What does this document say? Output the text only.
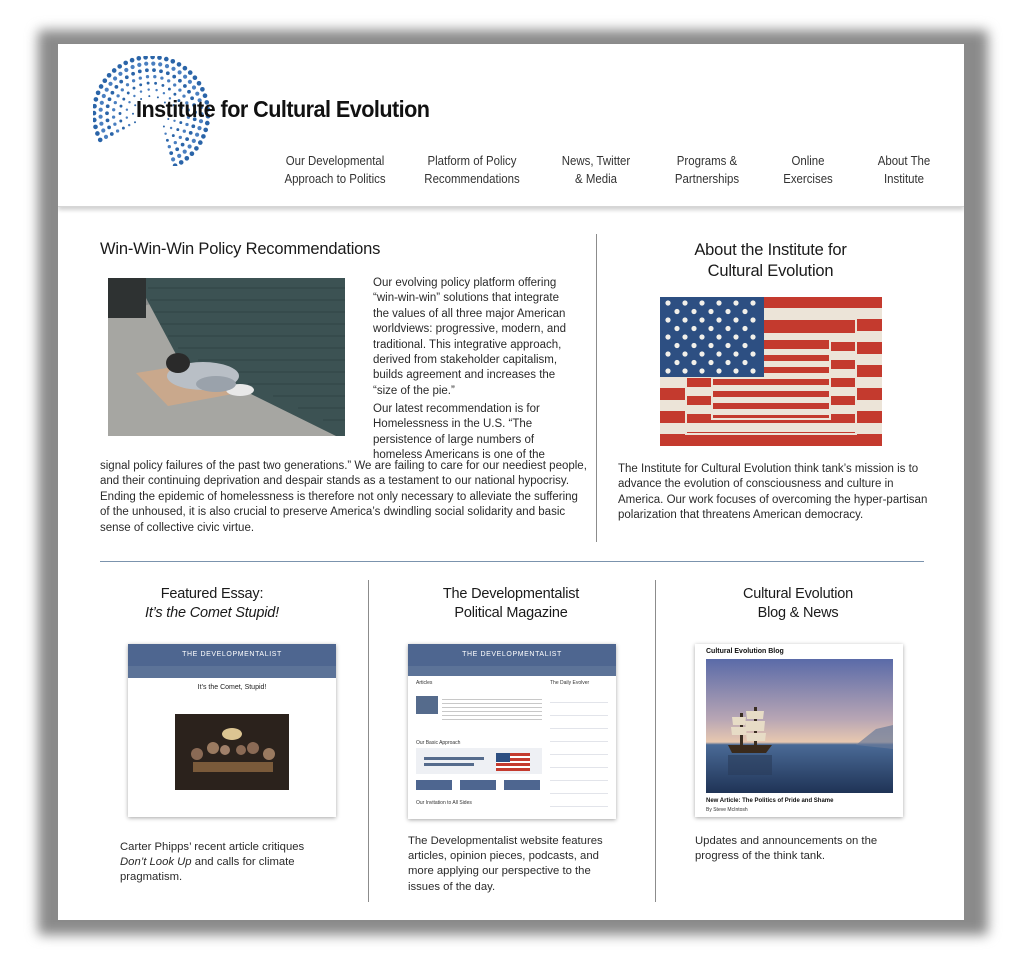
Institute for Cultural Evolution
Our Developmental
Approach to Politics
Platform of Policy
Recommendations
News, Twitter
& Media
Programs &
Partnerships
Online
Exercises
About The
Institute
Win-Win-Win Policy Recommendations
Our evolving policy platform offering “win-win-win” solutions that integrate the values of all three major American worldviews: progressive, modern, and traditional. This integrative approach, derived from stakeholder capitalism, builds agreement and increases the “size of the pie.”
Our latest recommendation is for Homelessness in the U.S. “The persistence of large numbers of homeless Americans is one of the
signal policy failures of the past two generations.” We are failing to care for our neediest people, and their continuing deprivation and despair stands as a testament to our national hypocrisy. Ending the epidemic of homelessness is therefore not only necessary to alleviate the suffering of the unhoused, it is also crucial to preserve America’s dwindling social solidarity and basic sense of collective civic virtue.
About the Institute for
Cultural Evolution
The Institute for Cultural Evolution think tank’s mission is to advance the evolution of consciousness and culture in America. Our work focuses of overcoming the hyper-partisan polarization that threatens American democracy.
Featured Essay:
It’s the Comet Stupid!
THE DEVELOPMENTALIST
It’s the Comet, Stupid!
Carter Phipps’ recent article critiques Don’t Look Up and calls for climate pragmatism.
The Developmentalist
Political Magazine
THE DEVELOPMENTALIST
Articles	The Daily Evolver
Our Basic Approach
Our Invitation to All Sides
The Developmentalist website features articles, opinion pieces, podcasts, and more applying our perspective to the issues of the day.
Cultural Evolution
Blog & News
Cultural Evolution Blog
New Article: The Politics of Pride and Shame
By Steve McIntosh
Updates and announcements on the progress of the think tank.
